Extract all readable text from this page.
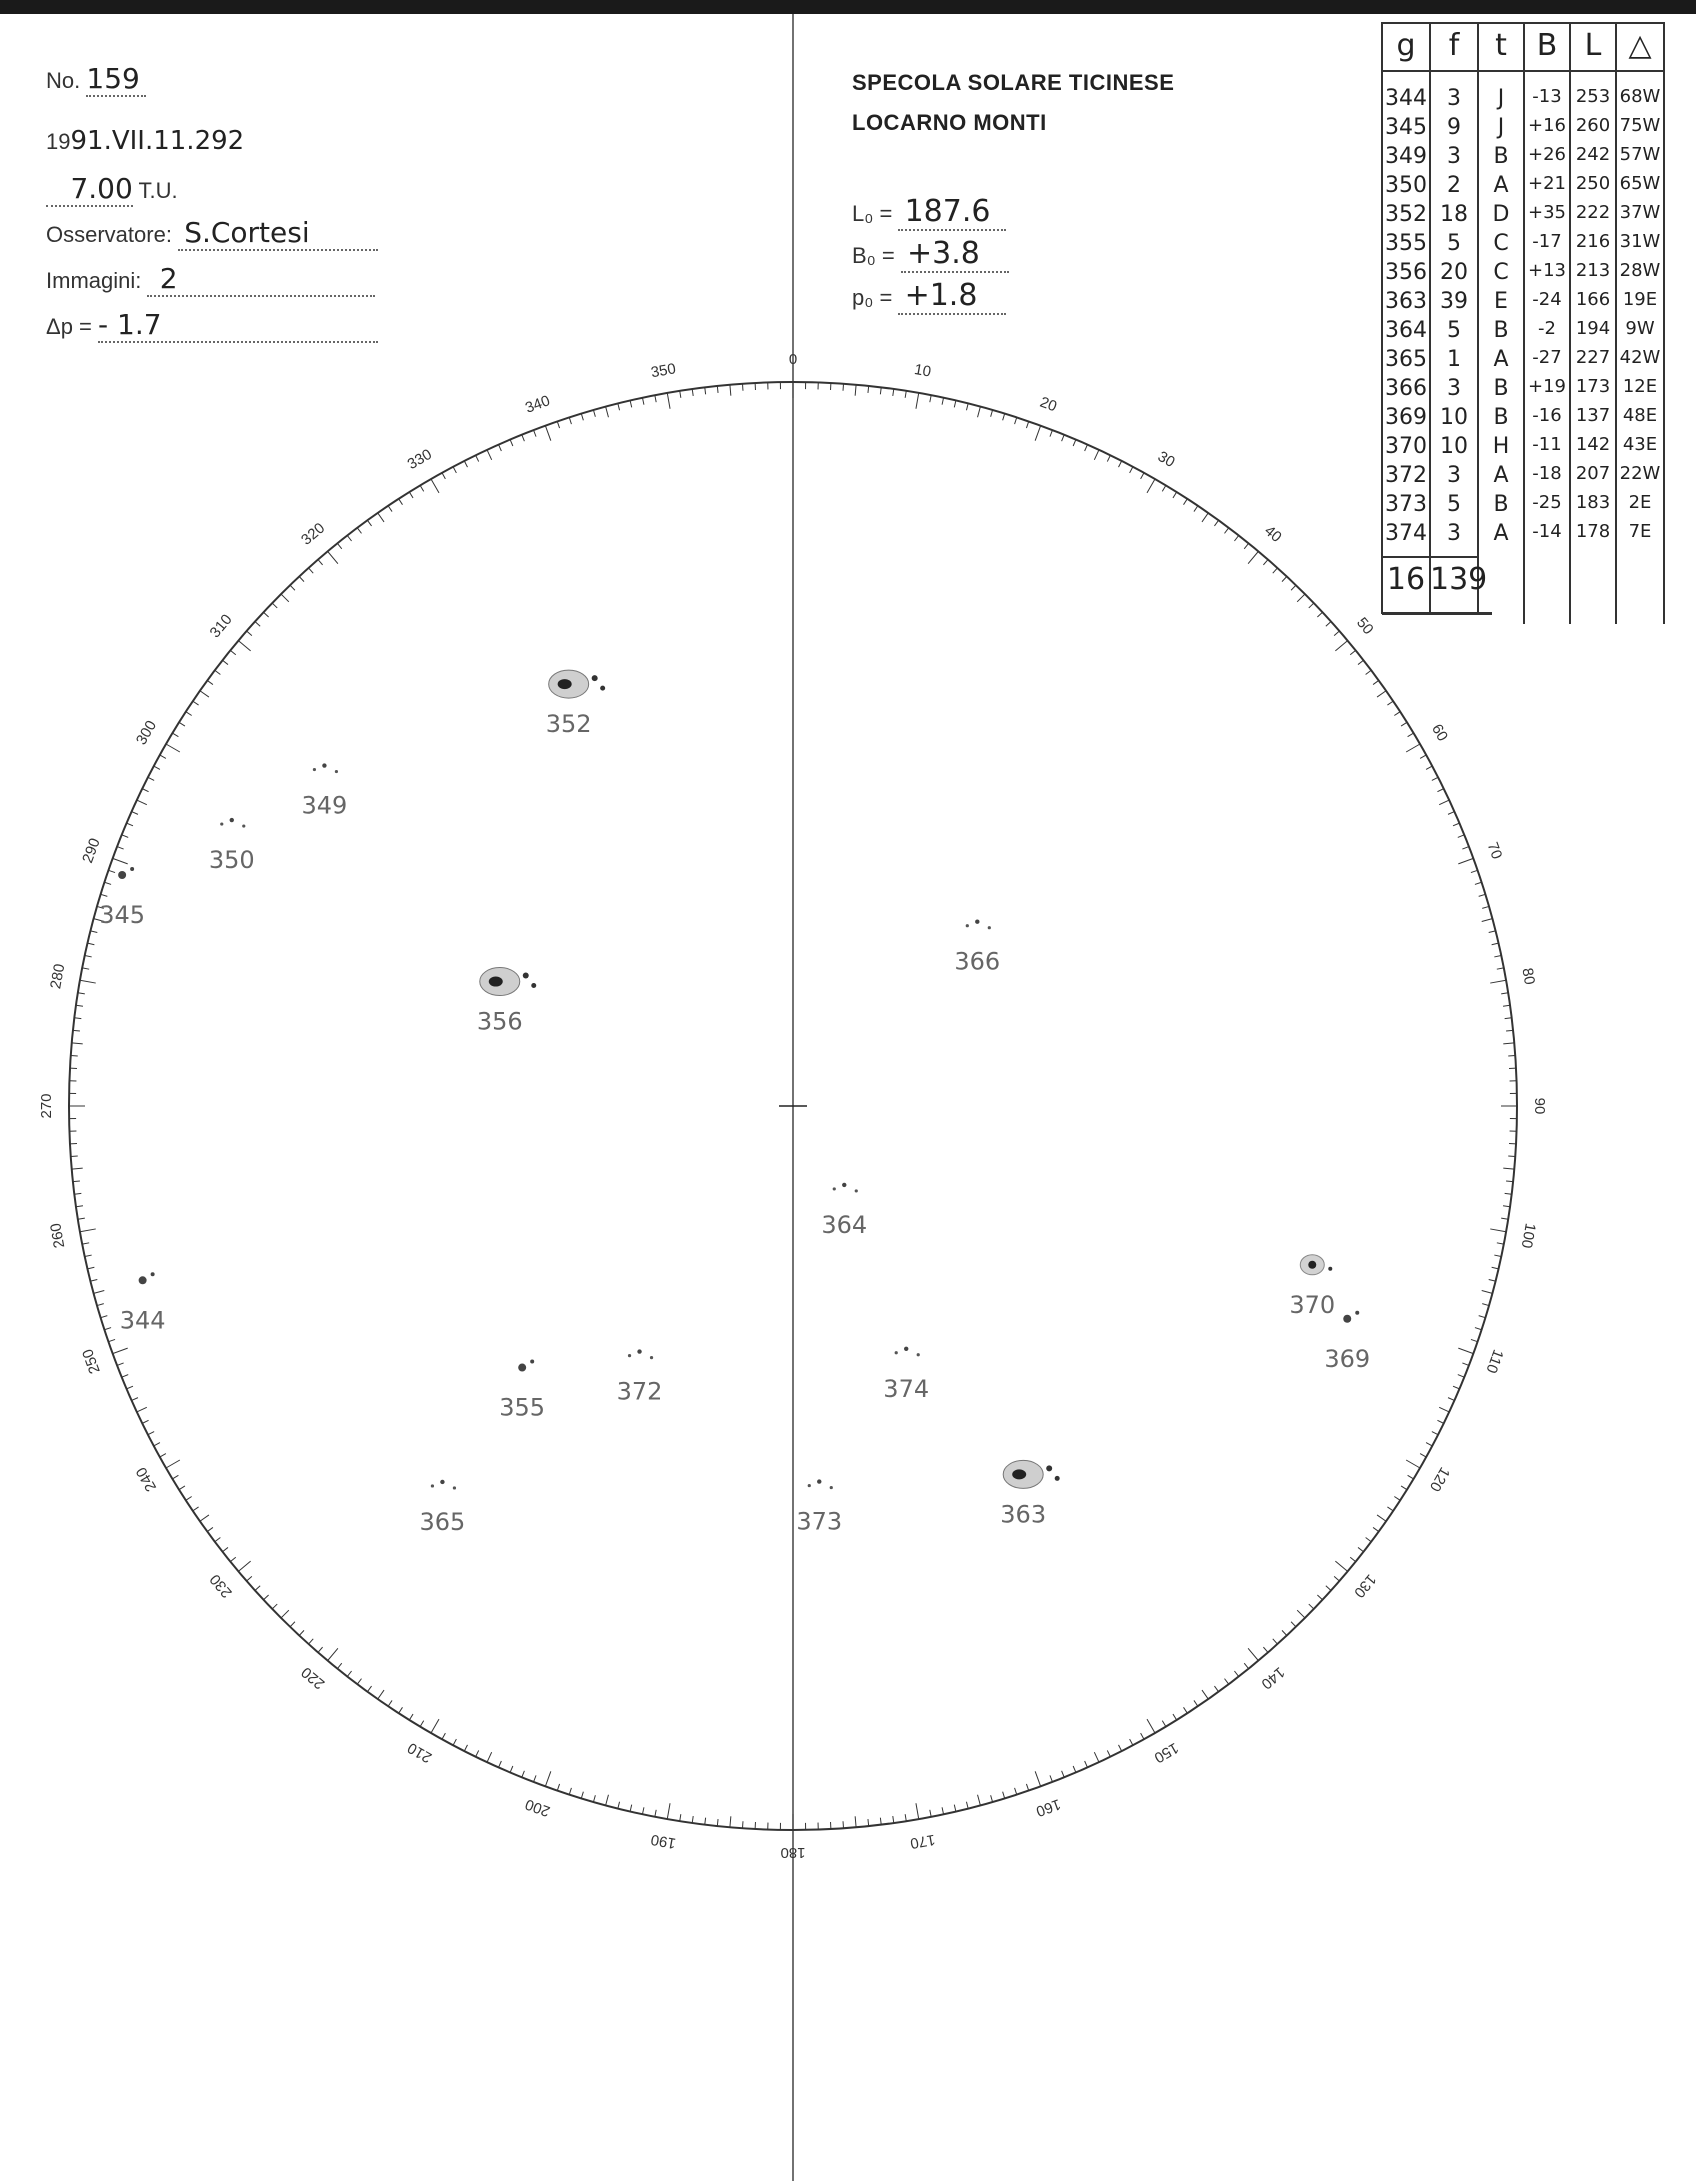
0
10
20
30
40
50
60
70
80
90
100
110
120
130
140
150
160
170
180
190
200
210
220
230
240
250
260
270
280
290
300
310
320
330
340
350
352
349
350
345
356
364
366
344
355
372
365
374
373	363
370
369
No. 159
1991.VII.11.292
7.00 T.U.
Osservatore: S.Cortesi
Immagini: 2
Δp = - 1.7
SPECOLA SOLARE TICINESE
LOCARNO MONTI
L₀ = 187.6
B₀ = +3.8
p₀ = +1.8
g	f	t B L △
344 3	J	-13 253 68W
345 9	J	+16 260 75W
349 3	B	+26 242 57W
350 2	A	+21 250 65W
352 18	D	+35 222 37W
355 5	C	-17 216 31W
356 20	C	+13 213 28W
363 39	E	-24 166 19E
364 5	B	-2	194 9W
365 1	A	-27 227 42W
366 3	B	+19 173 12E
369 10	B	-16 137 48E
370 10	H	-11 142 43E
372 3	A	-18 207 22W
373 5	B	-25 183	2E
374 3	A	-14 178	7E
16 139
